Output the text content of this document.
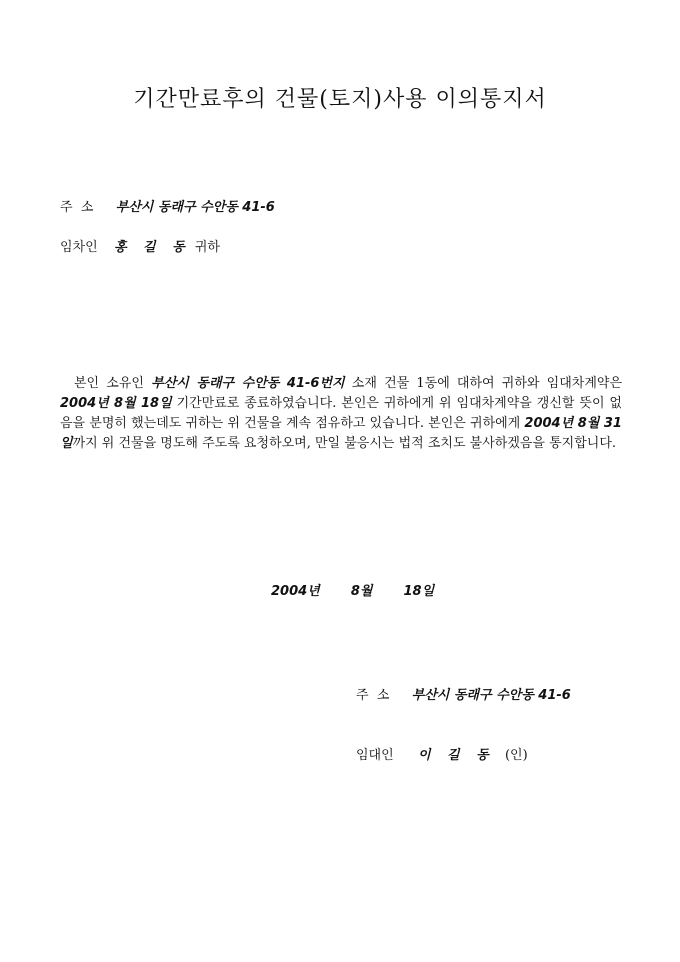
기간만료후의 건물(토지)사용 이의통지서
주  소 부산시 동래구 수안동 41-6
임차인 홍 길 동 귀하
본인 소유인 부산시 동래구 수안동 41-6번지 소재 건물 1동에 대하여 귀하와 임대차계약은 2004년 8월 18일 기간만료로 종료하였습니다. 본인은 귀하에게 위 임대차계약을 갱신할 뜻이 없음을 분명히 했는데도 귀하는 위 건물을 계속 점유하고 있습니다. 본인은 귀하에게 2004년 8월 31일까지 위 건물을 명도해 주도록 요청하오며, 만일 불응시는 법적 조치도 불사하겠음을 통지합니다.
2004년 8월 18일
주  소 부산시 동래구 수안동 41-6
임대인 이 길 동 (인)
